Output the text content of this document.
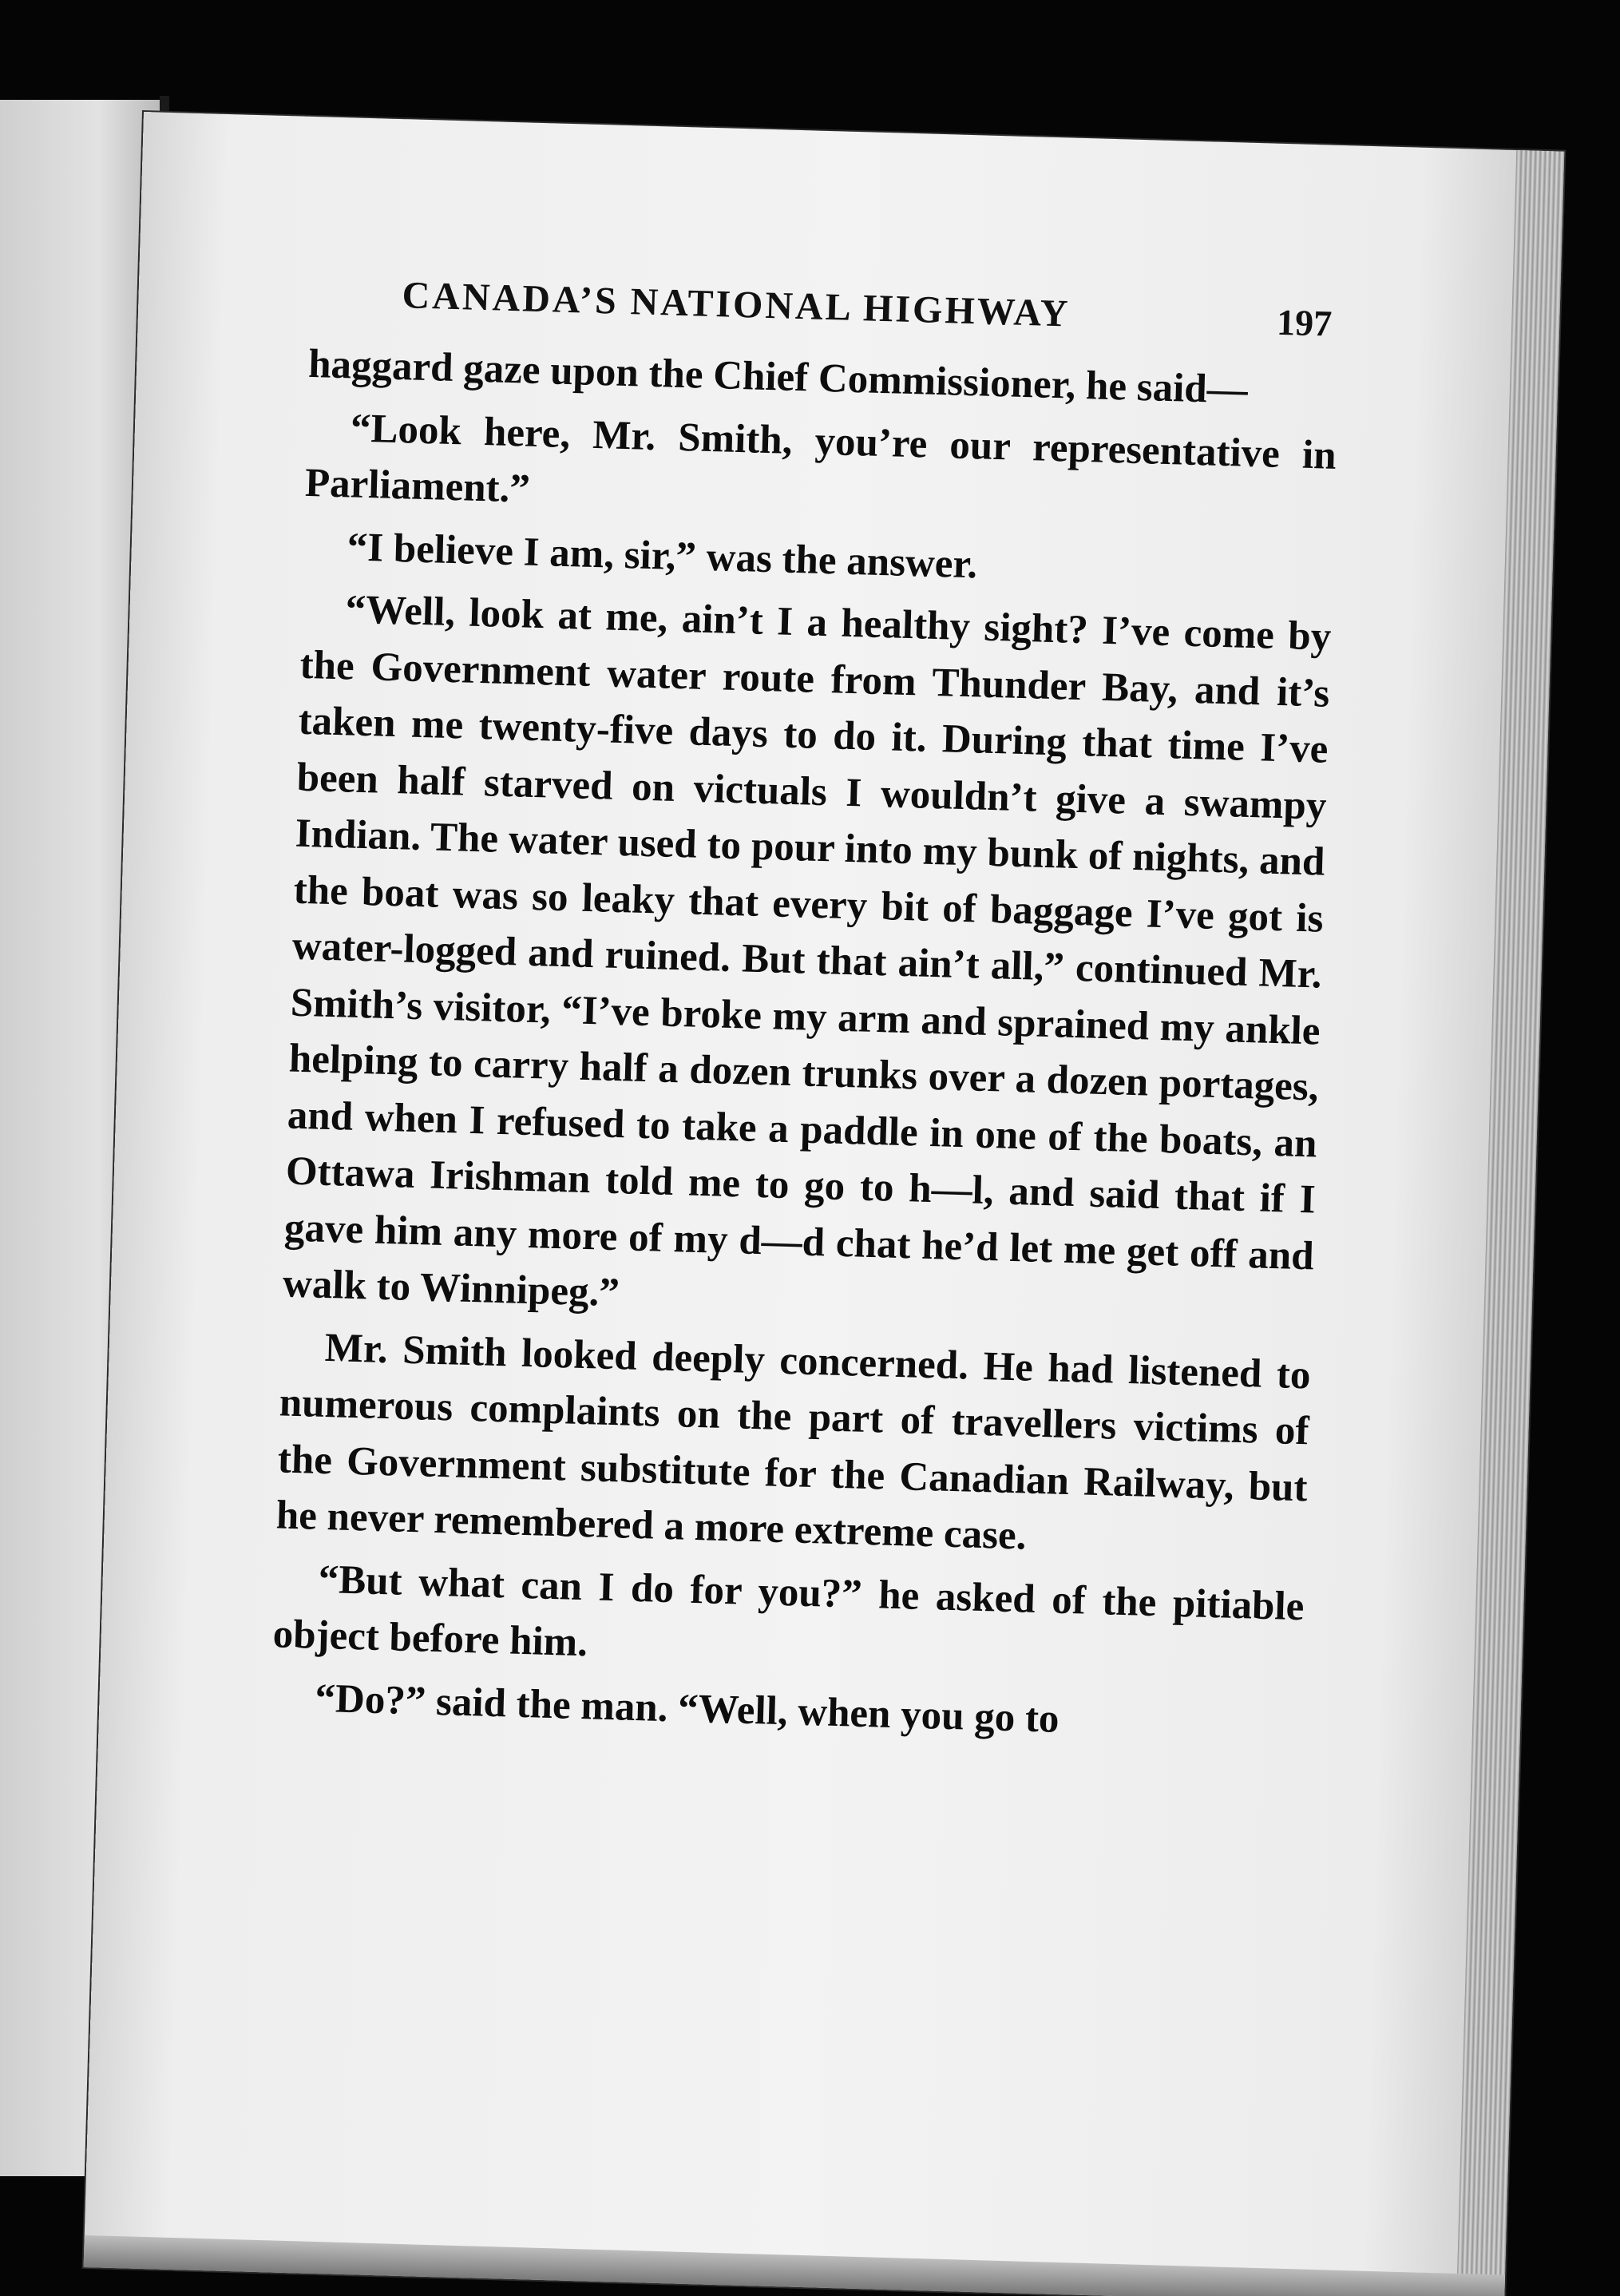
CANADA’S NATIONAL HIGHWAY	197

haggard gaze upon the Chief Commissioner, he said—

“Look here, Mr. Smith, you’re our representative in Parliament.”

“I believe I am, sir,” was the answer.

“Well, look at me, ain’t I a healthy sight? I’ve come by the Government water route from Thunder Bay, and it’s taken me twenty-five days to do it. During that time I’ve been half starved on victuals I wouldn’t give a swampy Indian. The water used to pour into my bunk of nights, and the boat was so leaky that every bit of baggage I’ve got is water-logged and ruined. But that ain’t all,” continued Mr. Smith’s visitor, “I’ve broke my arm and sprained my ankle helping to carry half a dozen trunks over a dozen portages, and when I refused to take a paddle in one of the boats, an Ottawa Irishman told me to go to h—l, and said that if I gave him any more of my d—d chat he’d let me get off and walk to Winnipeg.”

Mr. Smith looked deeply concerned. He had listened to numerous complaints on the part of travellers victims of the Government substitute for the Canadian Railway, but he never remembered a more extreme case.

“But what can I do for you?” he asked of the pitiable object before him.

“Do?” said the man. “Well, when you go to
